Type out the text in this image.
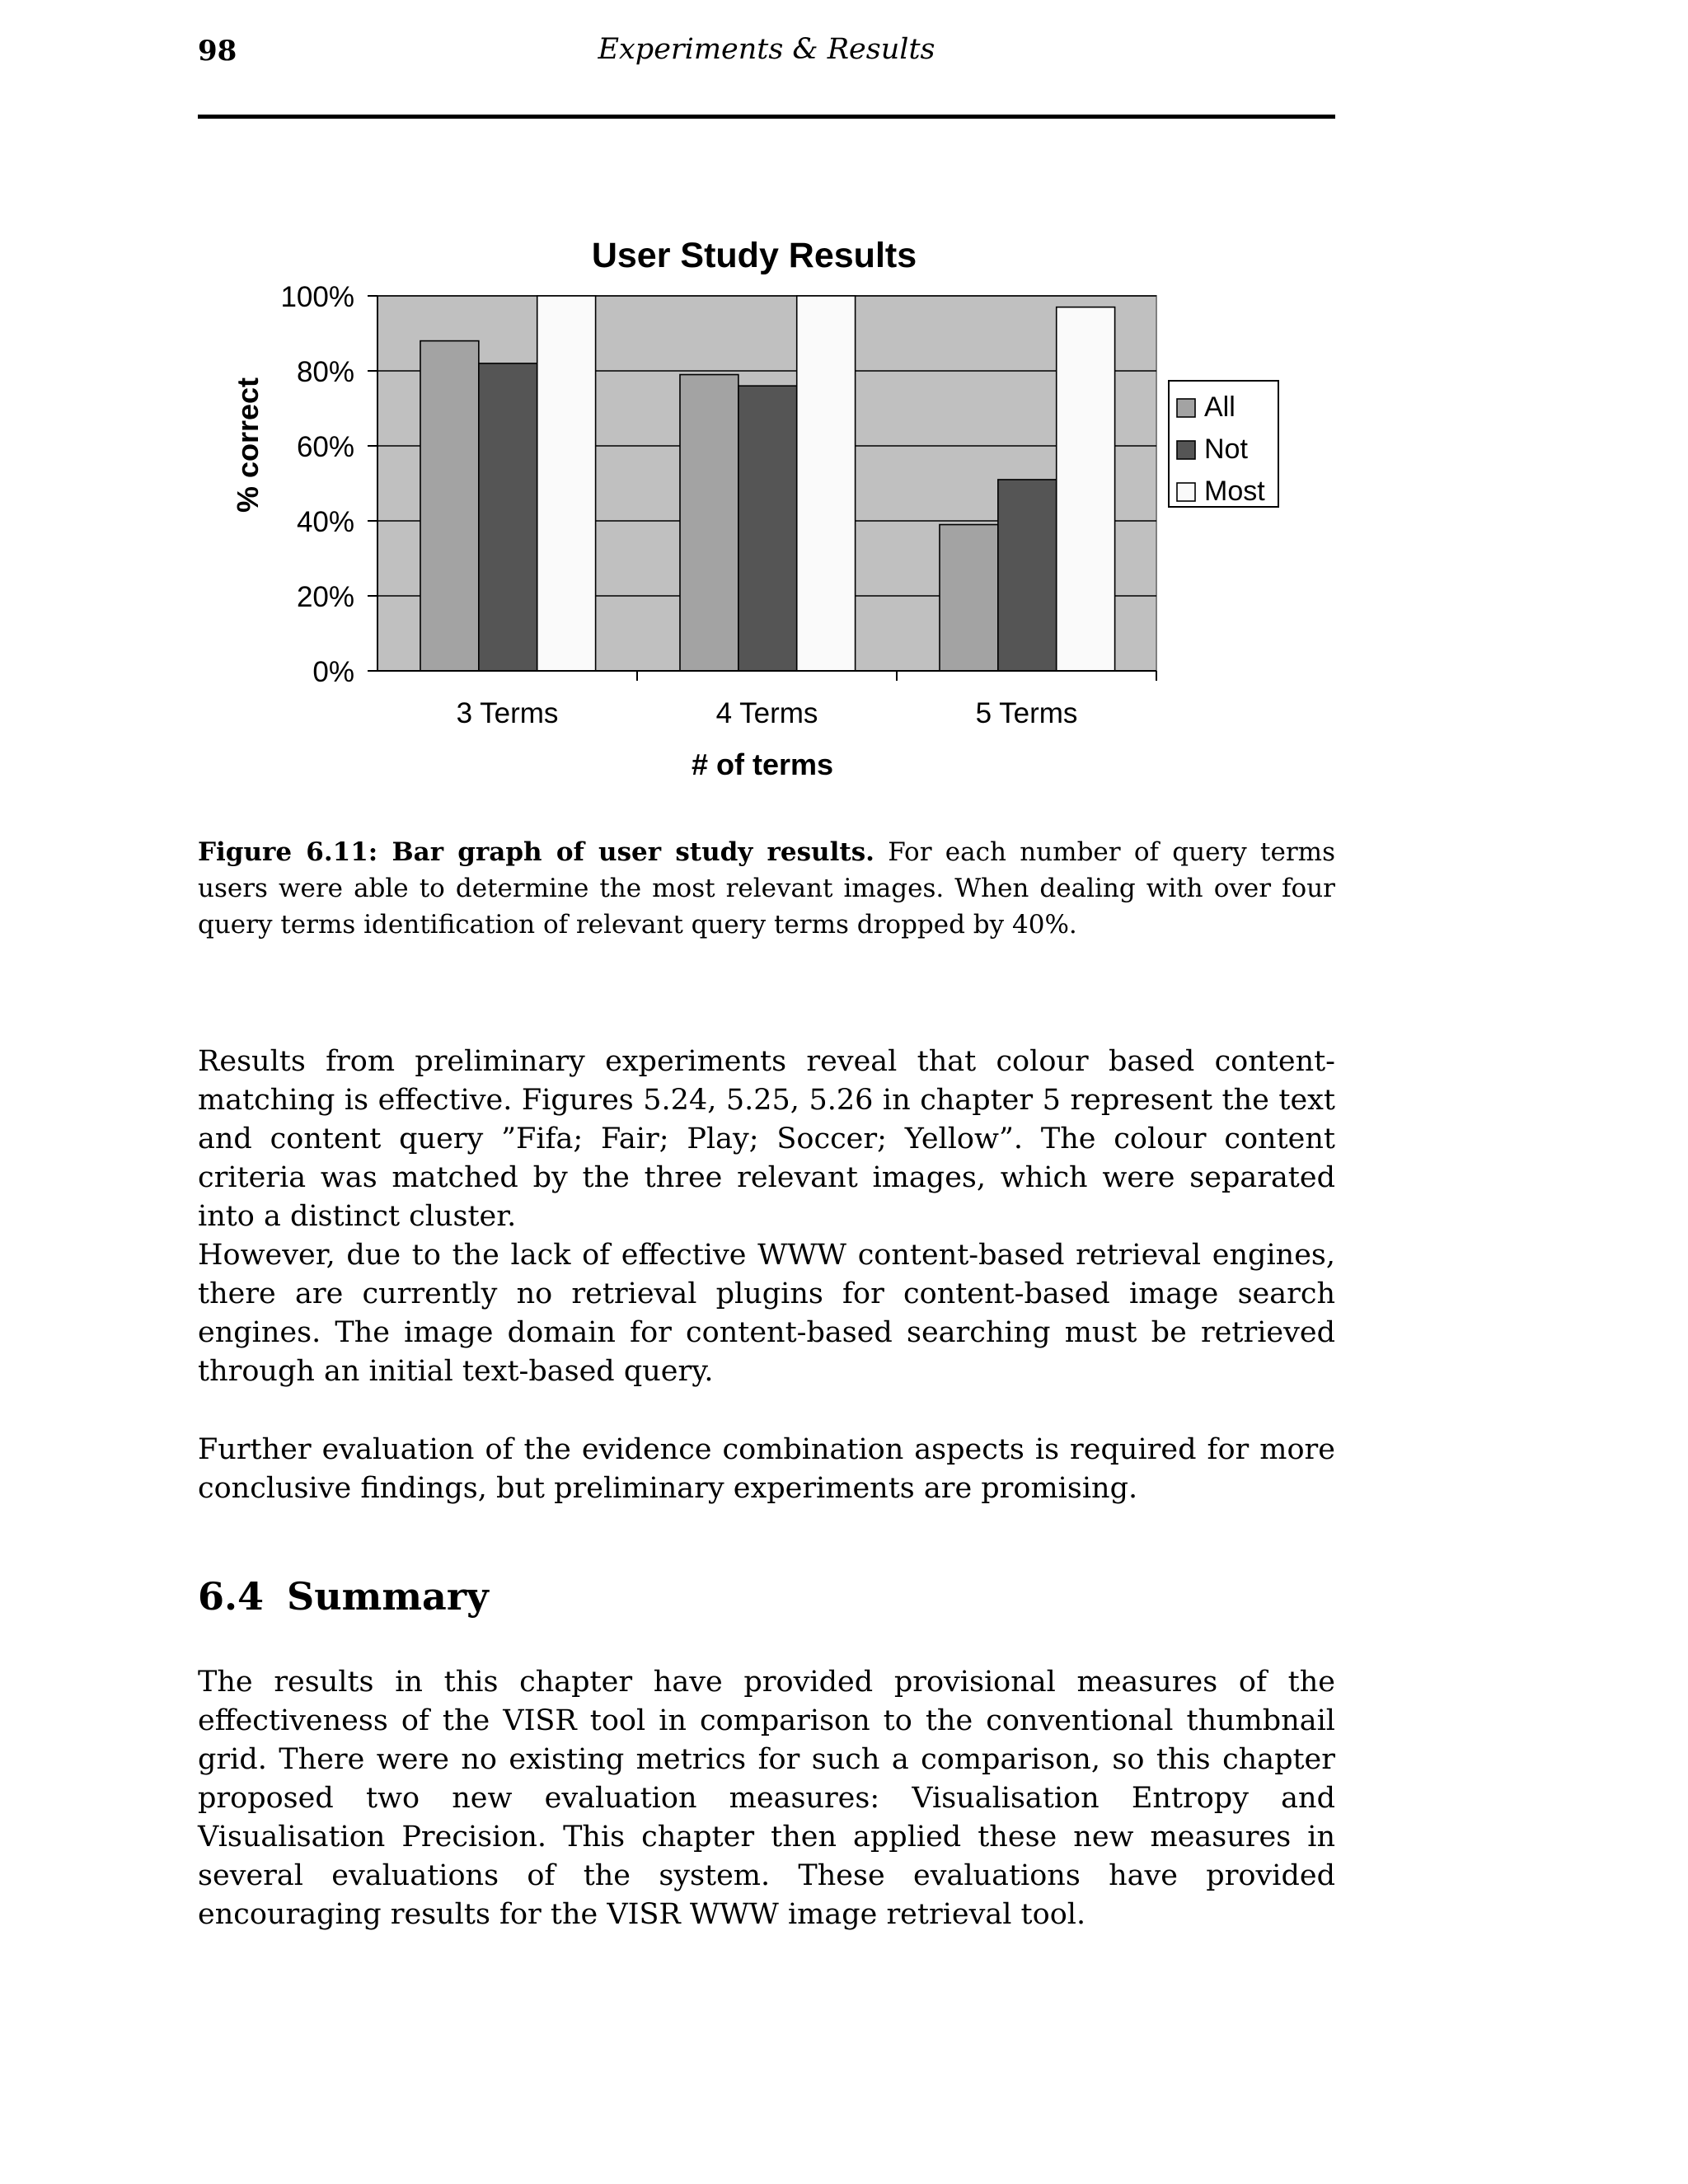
98	Experiments & Results
User Study Results
# of terms
% correct
0%
20%
40%
60%
80%
100%
3 Terms	4 Terms	5 Terms
All
Not
Most

Figure 6.11: Bar graph of user study results. For each number of query terms users were able to determine the most relevant images. When dealing with over four query terms identification of relevant query terms dropped by 40%.

Results from preliminary experiments reveal that colour based content-matching is effective. Figures 5.24, 5.25, 5.26 in chapter 5 represent the text and content query ”Fifa; Fair; Play; Soccer; Yellow”. The colour content criteria was matched by the three relevant images, which were separated into a distinct cluster.

However, due to the lack of effective WWW content-based retrieval engines, there are currently no retrieval plugins for content-based image search engines. The image domain for content-based searching must be retrieved through an initial text-based query.

Further evaluation of the evidence combination aspects is required for more conclusive findings, but preliminary experiments are promising.

6.4 Summary

The results in this chapter have provided provisional measures of the effectiveness of the VISR tool in comparison to the conventional thumbnail grid. There were no existing metrics for such a comparison, so this chapter proposed two new evaluation measures: Visualisation Entropy and Visualisation Precision. This chapter then applied these new measures in several evaluations of the system. These evaluations have provided encouraging results for the VISR WWW image retrieval tool.
